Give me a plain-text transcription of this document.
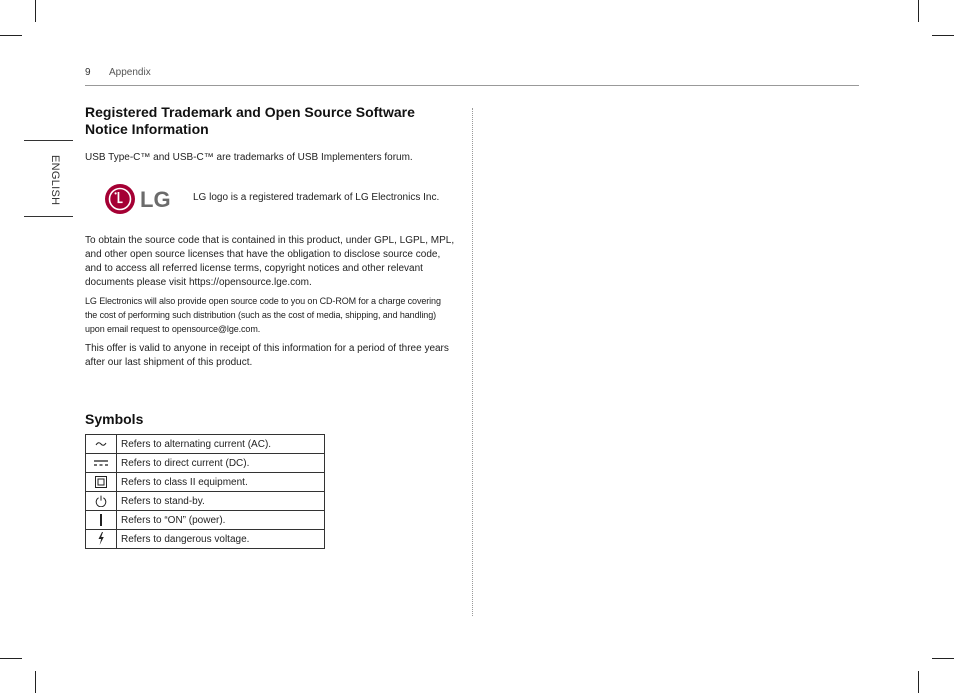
9 Appendix
ENGLISH
Registered Trademark and Open Source Software Notice Information
USB Type-C™ and USB-C™ are trademarks of USB Implementers forum.
LG LG logo is a registered trademark of LG Electronics Inc.
To obtain the source code that is contained in this product, under GPL, LGPL, MPL, and other open source licenses that have the obligation to disclose source code, and to access all referred license terms, copyright notices and other relevant documents please visit https://opensource.lge.com.
LG Electronics will also provide open source code to you on CD-ROM for a charge covering the cost of performing such distribution (such as the cost of media, shipping, and handling) upon email request to opensource@lge.com.
This offer is valid to anyone in receipt of this information for a period of three years after our last shipment of this product.
Symbols
	Refers to alternating current (AC).

	Refers to direct current (DC).

	Refers to class II equipment.

	Refers to stand-by.

	Refers to “ON” (power).

	Refers to dangerous voltage.
